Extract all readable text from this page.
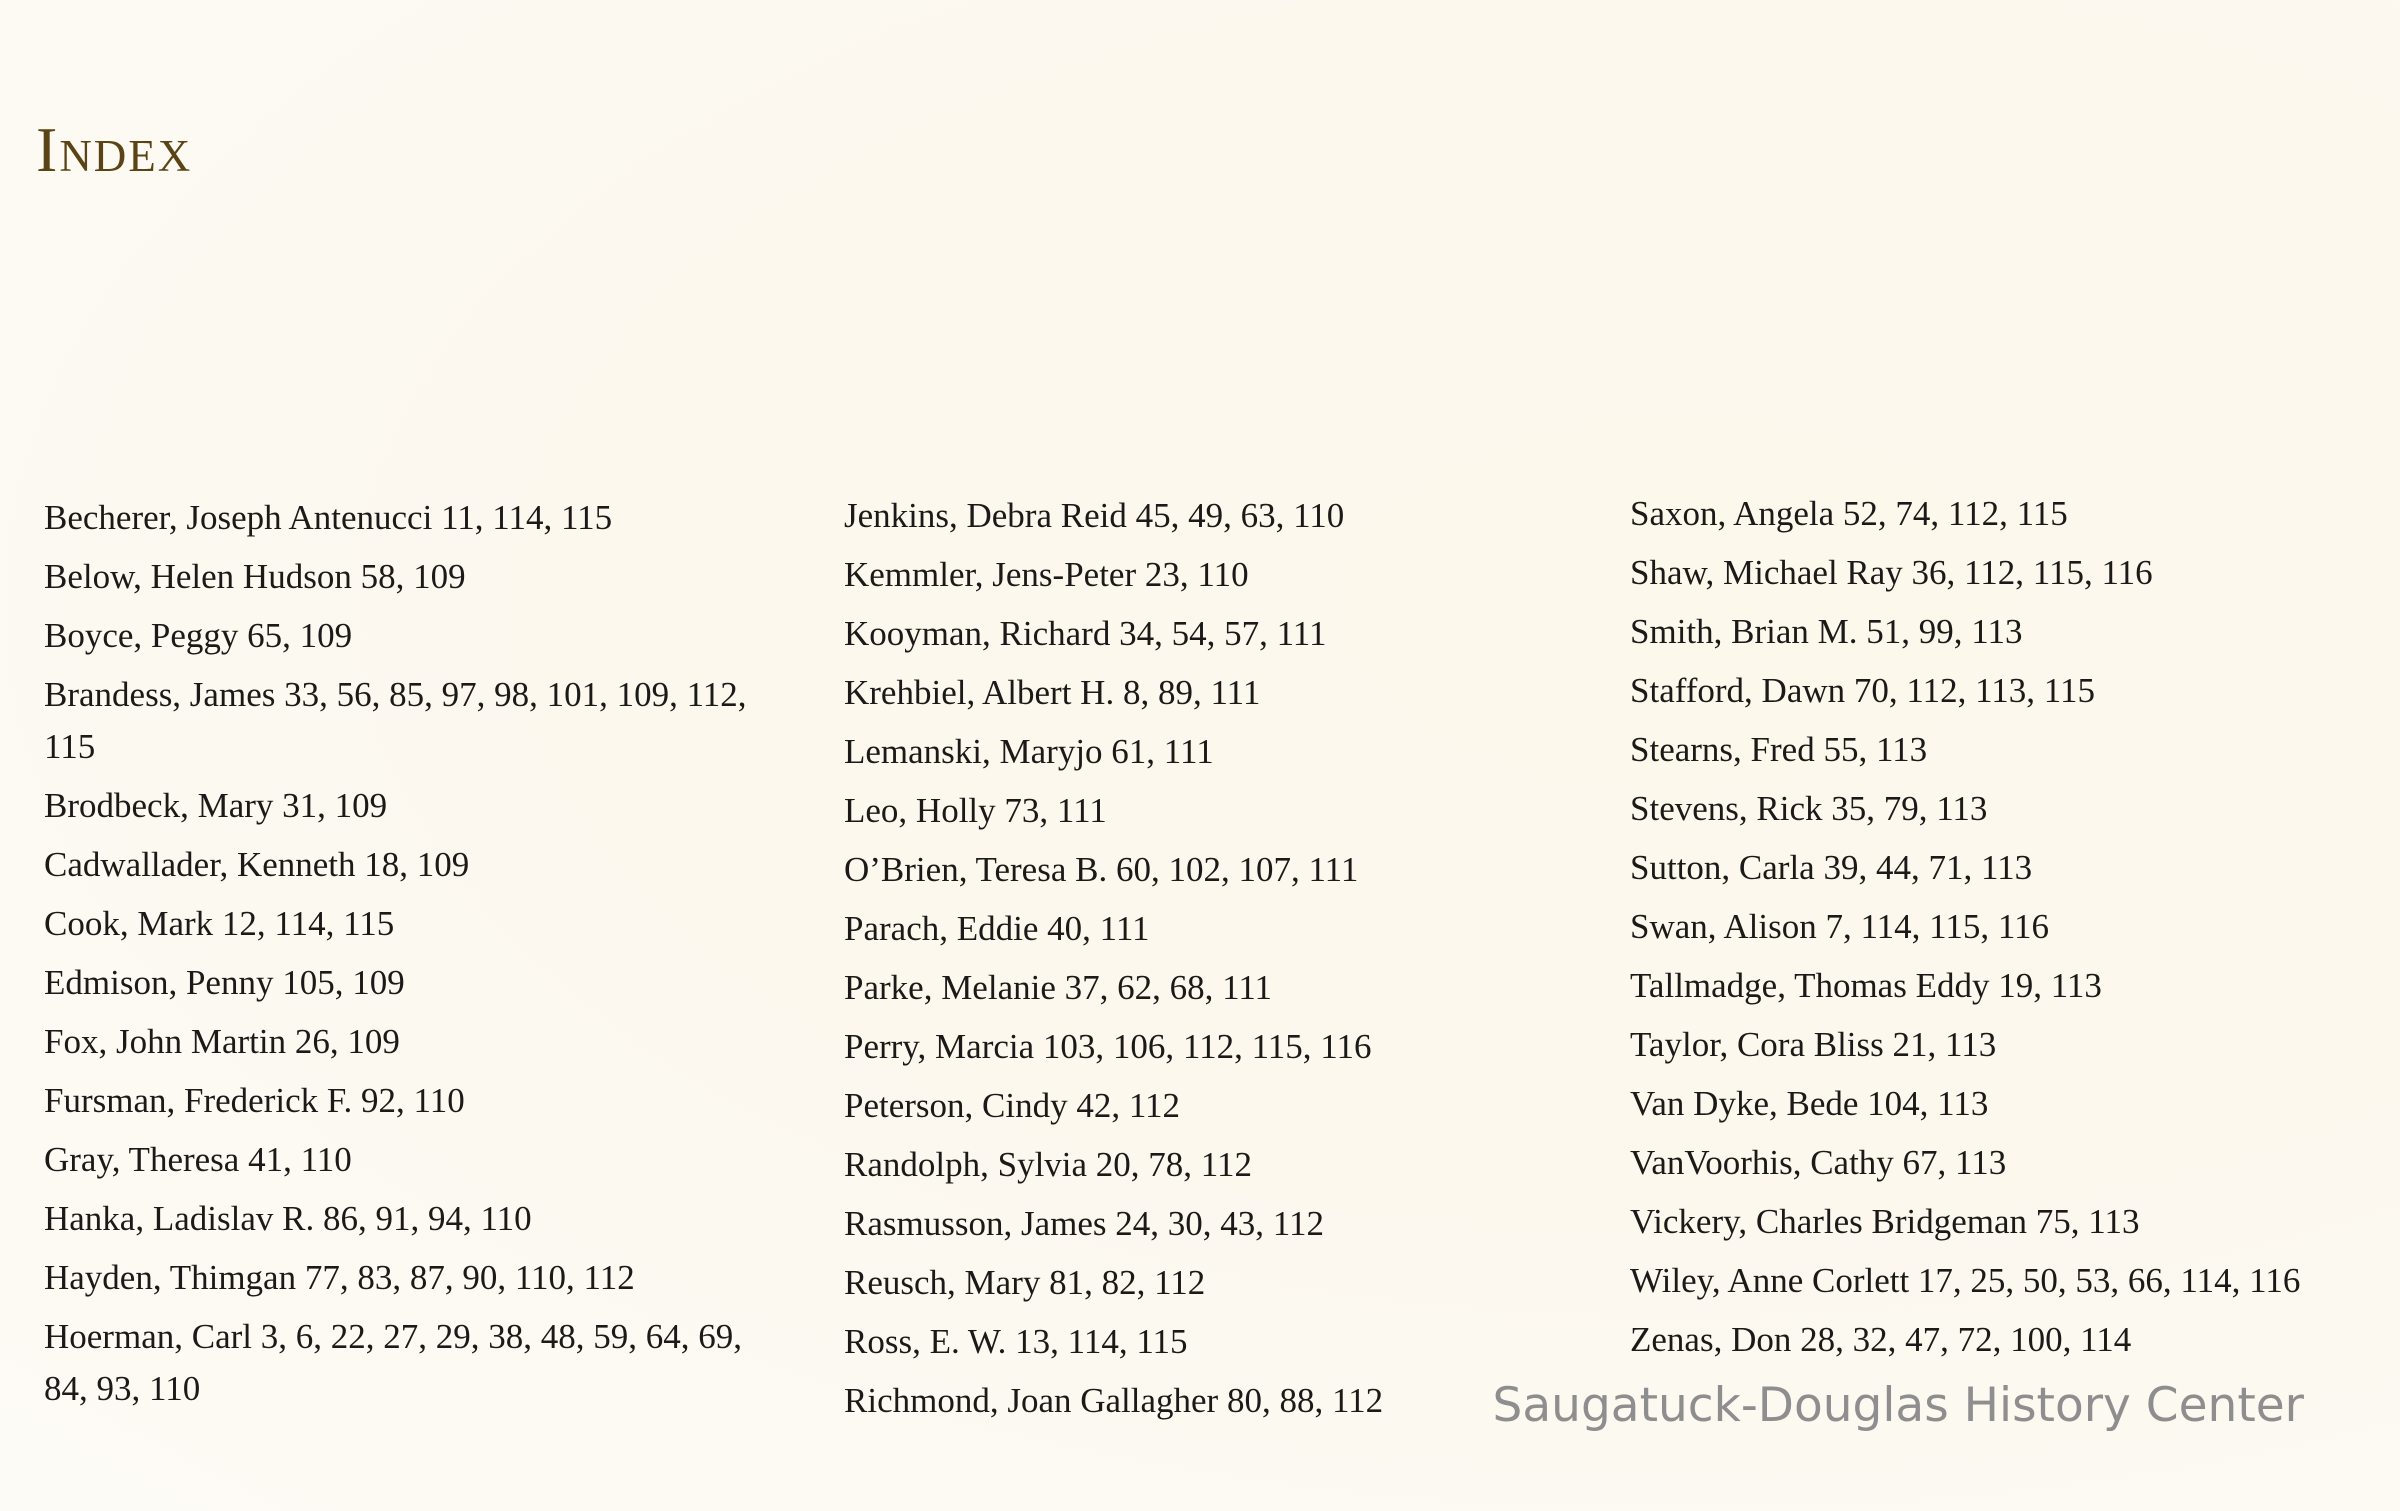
Index
Becherer, Joseph Antenucci 11, 114, 115
Below, Helen Hudson 58, 109
Boyce, Peggy 65, 109
Brandess, James 33, 56, 85, 97, 98, 101, 109, 112, 115
Brodbeck, Mary 31, 109
Cadwallader, Kenneth 18, 109
Cook, Mark 12, 114, 115
Edmison, Penny 105, 109
Fox, John Martin 26, 109
Fursman, Frederick F. 92, 110
Gray, Theresa 41, 110
Hanka, Ladislav R. 86, 91, 94, 110
Hayden, Thimgan 77, 83, 87, 90, 110, 112
Hoerman, Carl 3, 6, 22, 27, 29, 38, 48, 59, 64, 69, 84, 93, 110
Jenkins, Debra Reid 45, 49, 63, 110
Kemmler, Jens-Peter 23, 110
Kooyman, Richard 34, 54, 57, 111
Krehbiel, Albert H. 8, 89, 111
Lemanski, Maryjo 61, 111
Leo, Holly 73, 111
O’Brien, Teresa B. 60, 102, 107, 111
Parach, Eddie 40, 111
Parke, Melanie 37, 62, 68, 111
Perry, Marcia 103, 106, 112, 115, 116
Peterson, Cindy 42, 112
Randolph, Sylvia 20, 78, 112
Rasmusson, James 24, 30, 43, 112
Reusch, Mary 81, 82, 112
Ross, E. W. 13, 114, 115
Richmond, Joan Gallagher 80, 88, 112
Saxon, Angela 52, 74, 112, 115
Shaw, Michael Ray 36, 112, 115, 116
Smith, Brian M. 51, 99, 113
Stafford, Dawn 70, 112, 113, 115
Stearns, Fred 55, 113
Stevens, Rick 35, 79, 113
Sutton, Carla 39, 44, 71, 113
Swan, Alison 7, 114, 115, 116
Tallmadge, Thomas Eddy 19, 113
Taylor, Cora Bliss 21, 113
Van Dyke, Bede 104, 113
VanVoorhis, Cathy 67, 113
Vickery, Charles Bridgeman 75, 113
Wiley, Anne Corlett 17, 25, 50, 53, 66, 114, 116
Zenas, Don 28, 32, 47, 72, 100, 114
Saugatuck-Douglas History Center
